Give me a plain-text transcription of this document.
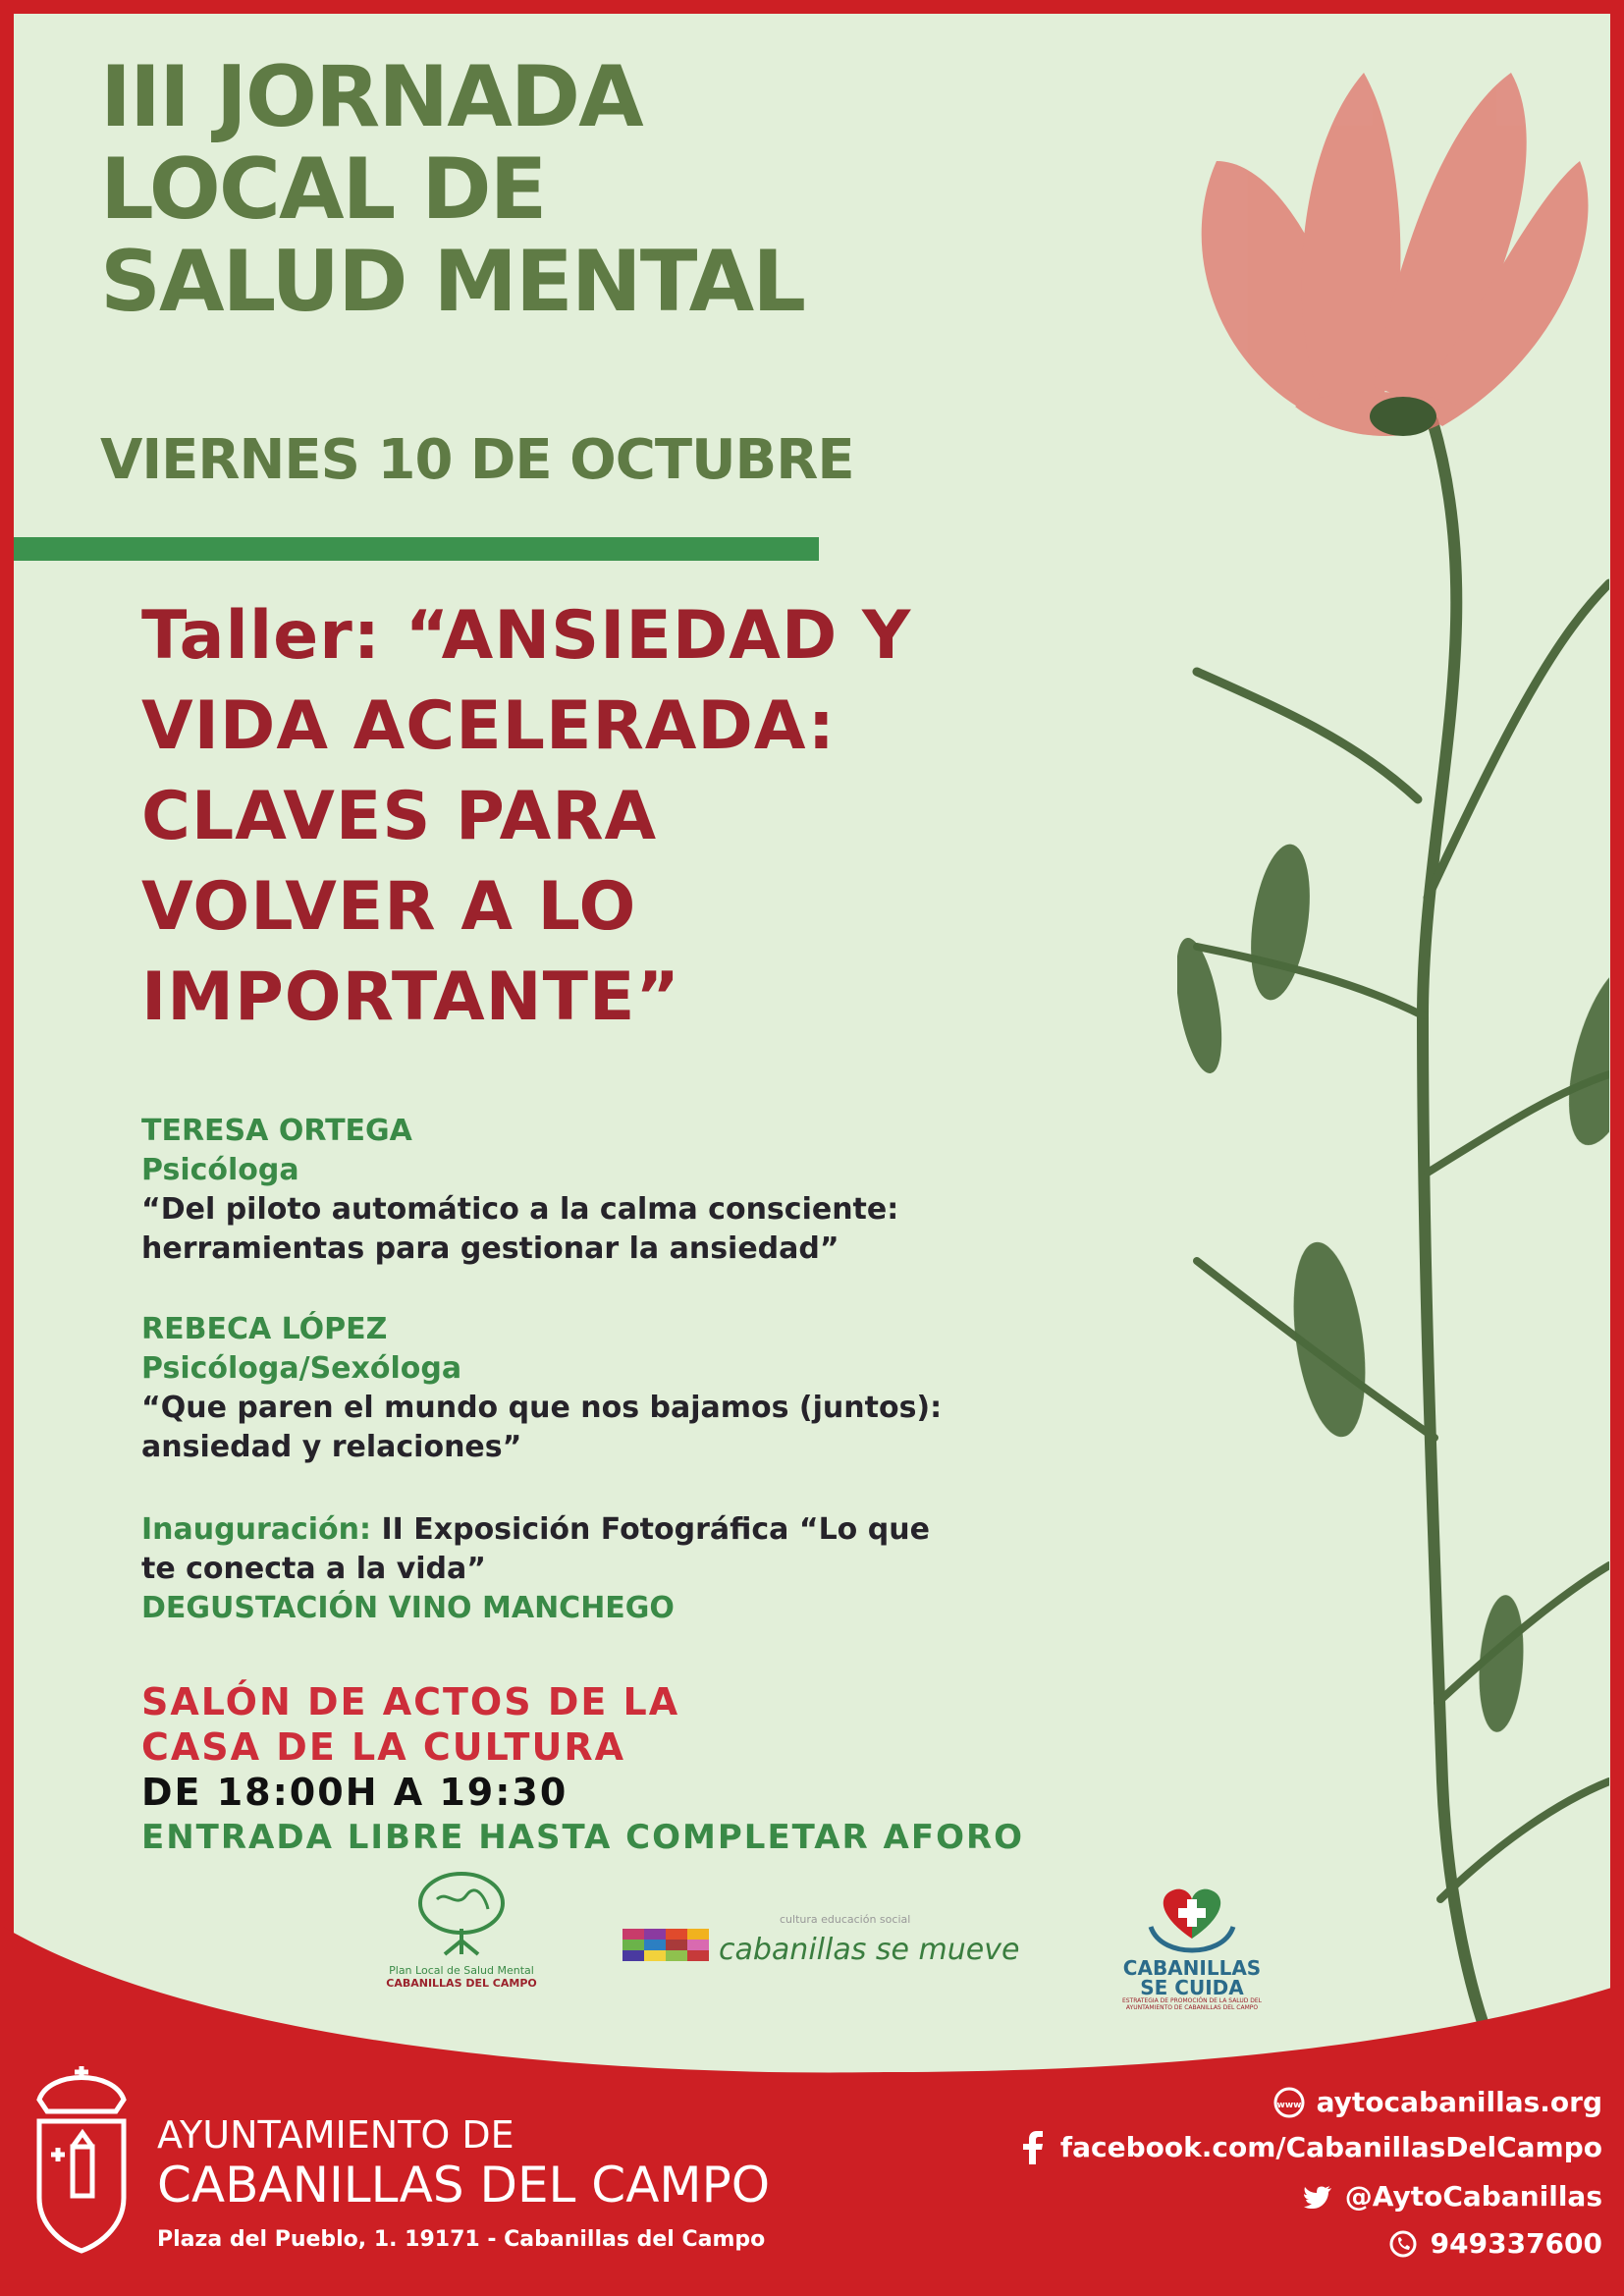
III JORNADA
LOCAL DE
SALUD MENTAL
VIERNES 10 DE OCTUBRE
Taller: “ANSIEDAD Y
VIDA ACELERADA:
CLAVES PARA
VOLVER A LO
IMPORTANTE”
TERESA ORTEGA
Psicóloga
“Del piloto automático a la calma consciente:
herramientas para gestionar la ansiedad”
REBECA LÓPEZ
Psicóloga/Sexóloga
“Que paren el mundo que nos bajamos (juntos):
ansiedad y relaciones”
Inauguración: II Exposición Fotográfica “Lo que
te conecta a la vida”
DEGUSTACIÓN VINO MANCHEGO
SALÓN DE ACTOS DE LA
CASA DE LA CULTURA
DE 18:00H A 19:30
ENTRADA LIBRE HASTA COMPLETAR AFORO
Plan Local de Salud Mental
CABANILLAS DEL CAMPO
cultura educación social
cabanillas se mueve
CABANILLAS
SE CUIDA
ESTRATEGIA DE PROMOCIÓN DE LA SALUD DEL AYUNTAMIENTO DE CABANILLAS DEL CAMPO
AYUNTAMIENTO DE
CABANILLAS DEL CAMPO
Plaza del Pueblo, 1. 19171 - Cabanillas del Campo
www aytocabanillas.org
facebook.com/CabanillasDelCampo
@AytoCabanillas
949337600
